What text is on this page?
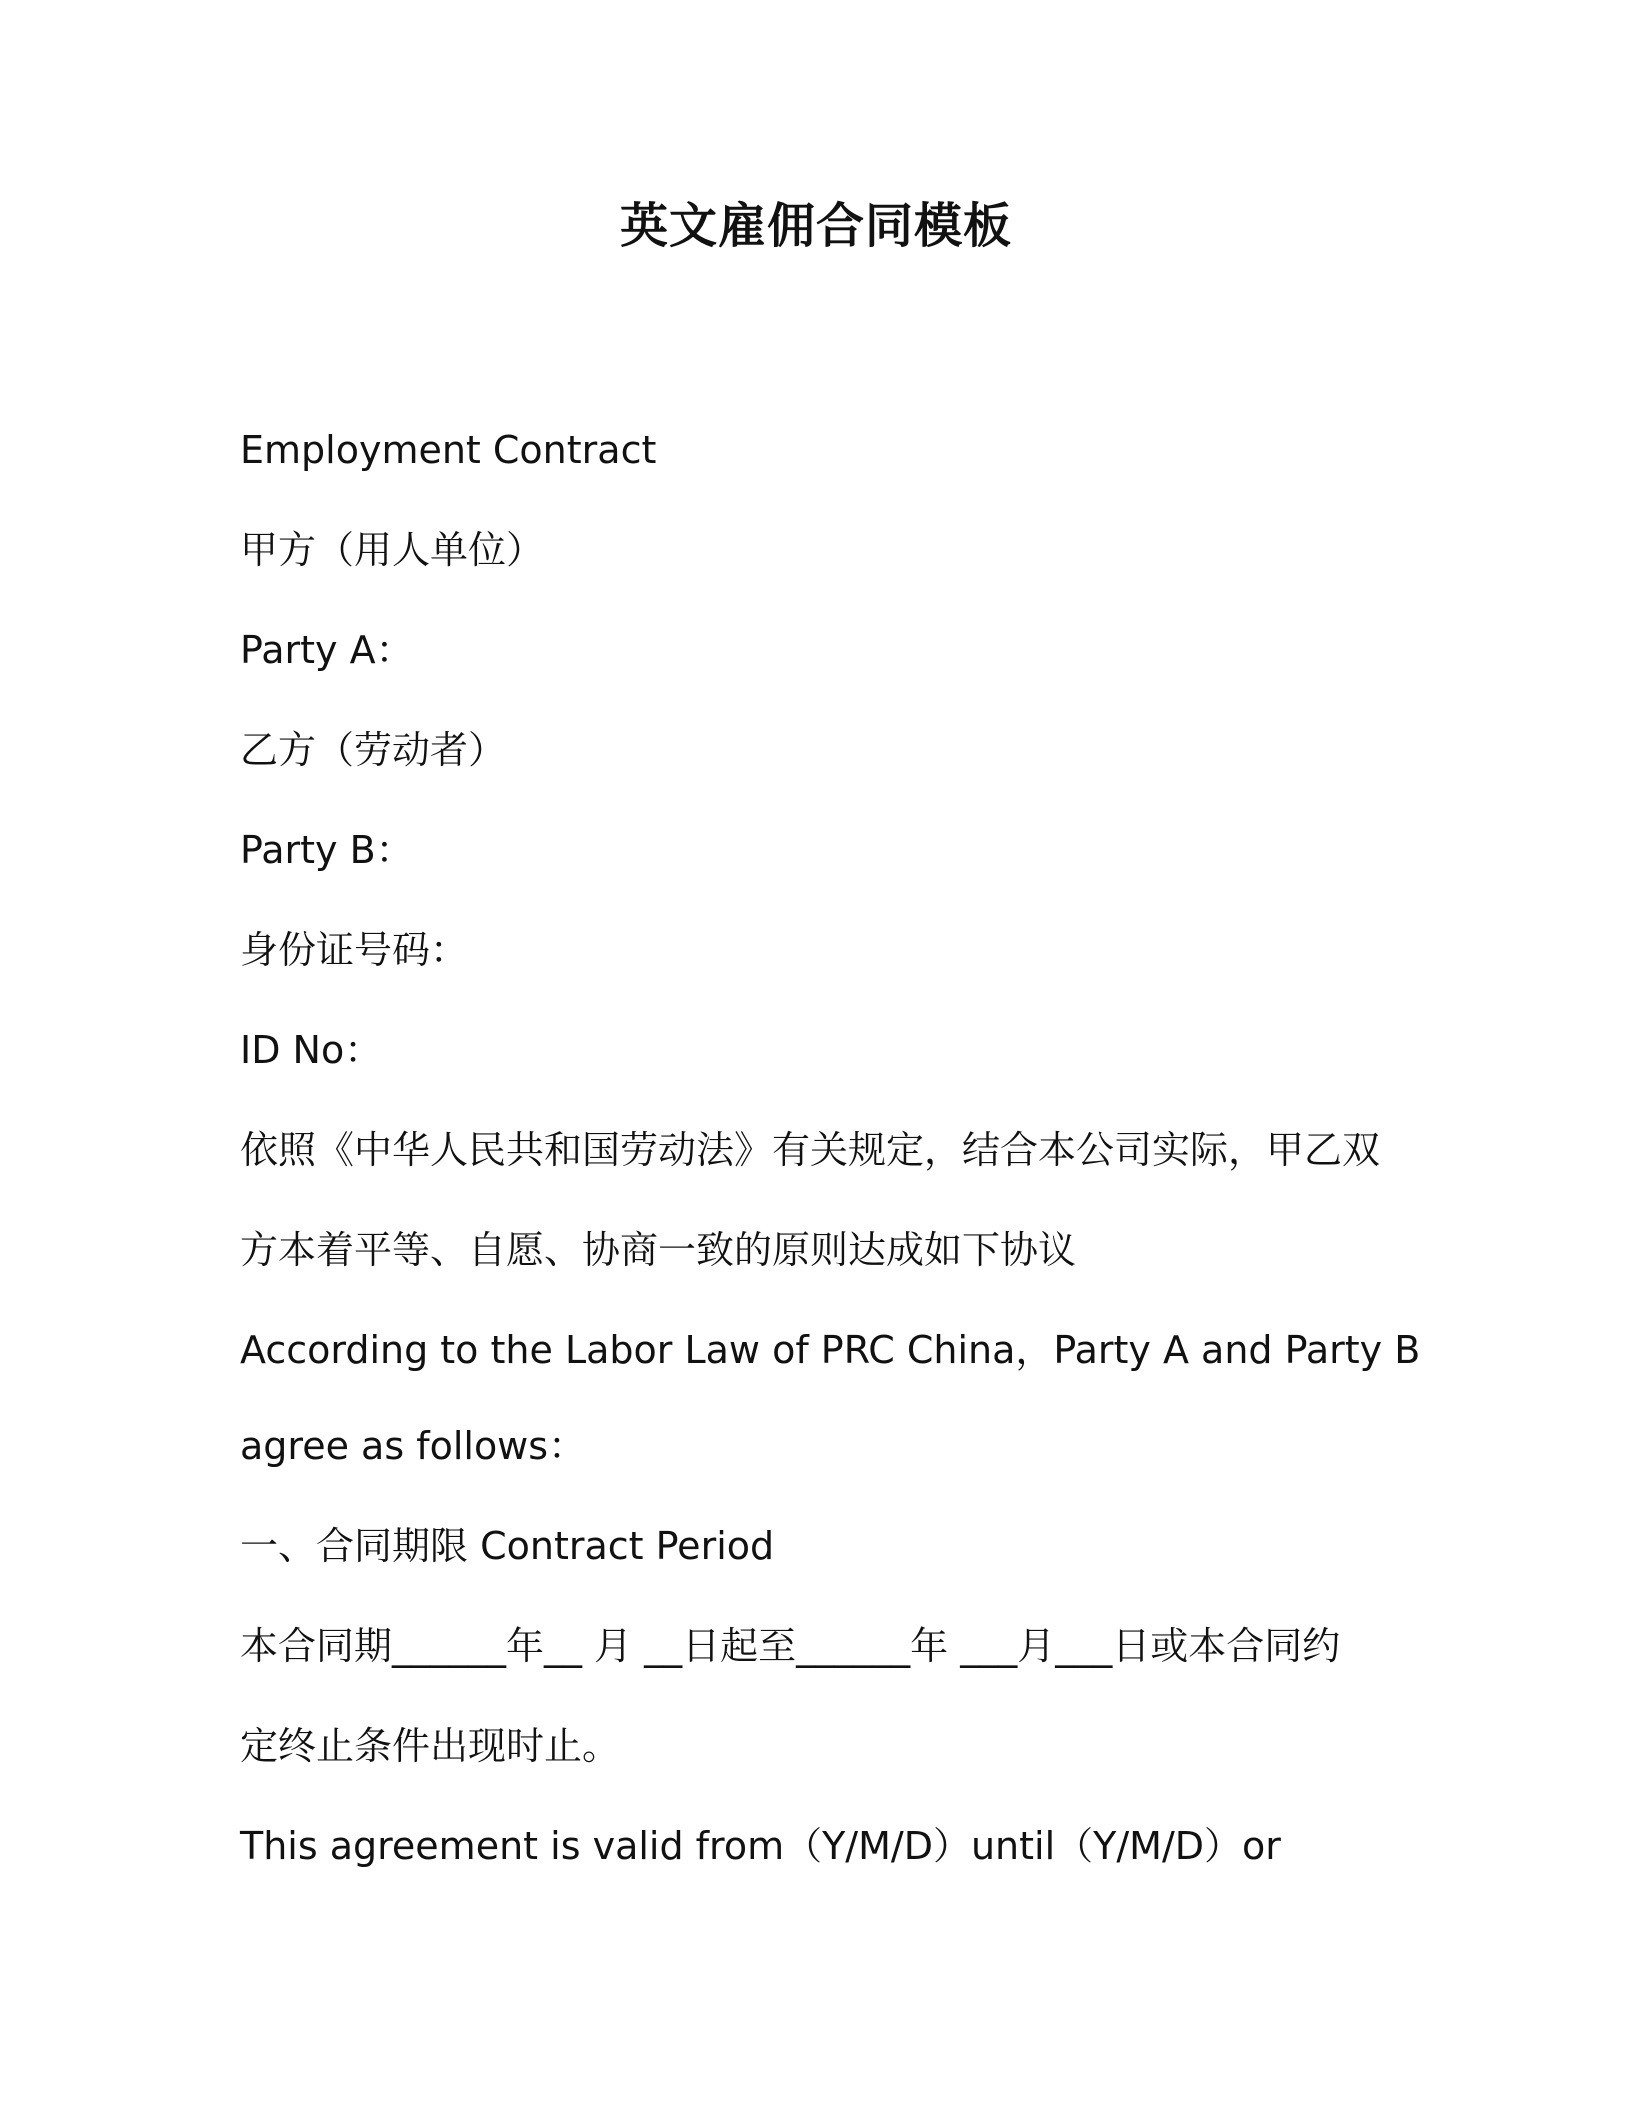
英文雇佣合同模板
Employment Contract
甲方（用人单位）
Party A：
乙方（劳动者）
Party B：
身份证号码：
ID No：
依照《中华人民共和国劳动法》有关规定，结合本公司实际，甲乙双
方本着平等、自愿、协商一致的原则达成如下协议
According to the Labor Law of PRC China，Party A and Party B
agree as follows：
一、合同期限 Contract Period
本合同期______年__ 月 __日起至______年 ___月___日或本合同约
定终止条件出现时止。
This agreement is valid from（Y/M/D）until（Y/M/D）or
